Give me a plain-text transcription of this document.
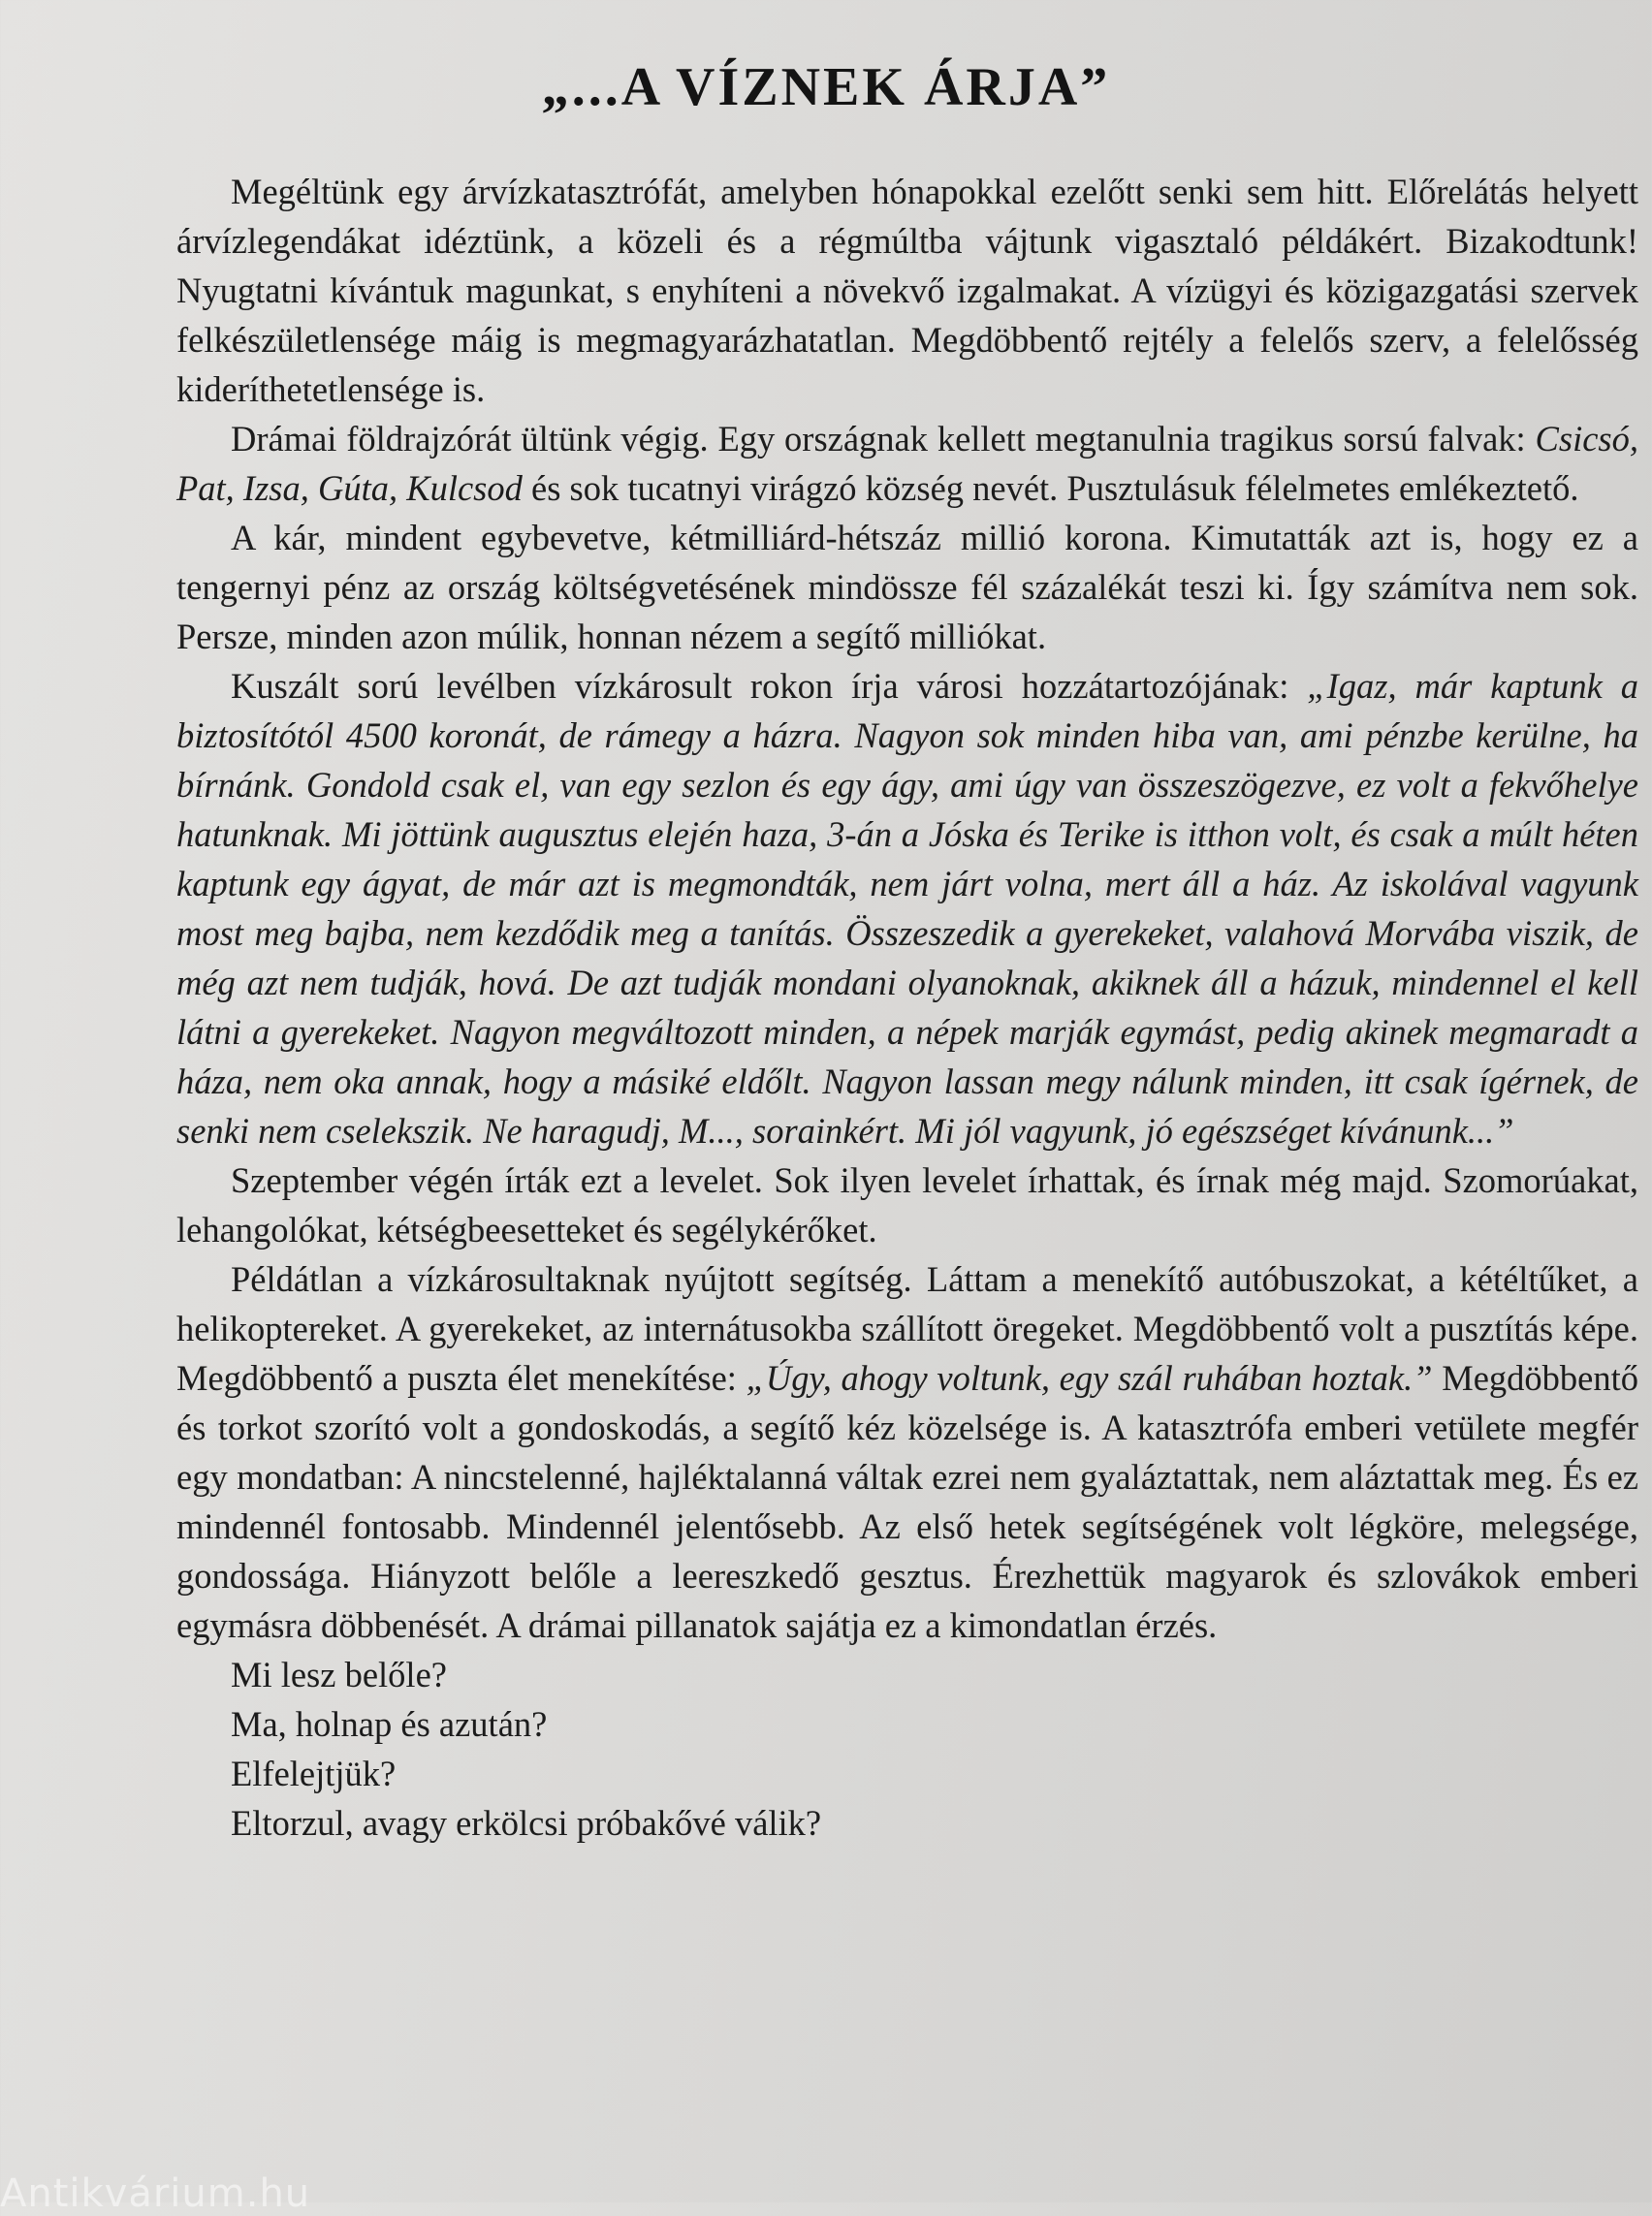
„...A VÍZNEK ÁRJA”

Megéltünk egy árvízkatasztrófát, amelyben hónapokkal ezelőtt senki sem hitt. Előrelátás helyett árvízlegendákat idéztünk, a közeli és a régmúltba vájtunk vigasztaló példákért. Bizakodtunk! Nyugtatni kívántuk magunkat, s enyhíteni a növekvő izgalmakat. A vízügyi és közigazgatási szervek felkészületlensége máig is megmagyarázhatatlan. Megdöbbentő rejtély a felelős szerv, a felelősség kideríthetetlensége is.

Drámai földrajzórát ültünk végig. Egy országnak kellett megtanulnia tragikus sorsú falvak: Csicsó, Pat, Izsa, Gúta, Kulcsod és sok tucatnyi virágzó község nevét. Pusztulásuk félelmetes emlékeztető.

A kár, mindent egybevetve, kétmilliárd-hétszáz millió korona. Kimutatták azt is, hogy ez a tengernyi pénz az ország költségvetésének mindössze fél százalékát teszi ki. Így számítva nem sok. Persze, minden azon múlik, honnan nézem a segítő milliókat.

Kuszált sorú levélben vízkárosult rokon írja városi hozzátartozójának: „Igaz, már kaptunk a biztosítótól 4500 koronát, de rámegy a házra. Nagyon sok minden hiba van, ami pénzbe kerülne, ha bírnánk. Gondold csak el, van egy sezlon és egy ágy, ami úgy van összeszögezve, ez volt a fekvőhelye hatunknak. Mi jöttünk augusztus elején haza, 3-án a Jóska és Terike is itthon volt, és csak a múlt héten kaptunk egy ágyat, de már azt is megmondták, nem járt volna, mert áll a ház. Az iskolával vagyunk most meg bajba, nem kezdődik meg a tanítás. Összeszedik a gyerekeket, valahová Morvába viszik, de még azt nem tudják, hová. De azt tudják mondani olyanoknak, akiknek áll a házuk, mindennel el kell látni a gyerekeket. Nagyon megváltozott minden, a népek marják egymást, pedig akinek megmaradt a háza, nem oka annak, hogy a másiké eldőlt. Nagyon lassan megy nálunk minden, itt csak ígérnek, de senki nem cselekszik. Ne haragudj, M..., sorainkért. Mi jól vagyunk, jó egészséget kívánunk...”

Szeptember végén írták ezt a levelet. Sok ilyen levelet írhattak, és írnak még majd. Szomorúakat, lehangolókat, kétségbeesetteket és segélykérőket.

Példátlan a vízkárosultaknak nyújtott segítség. Láttam a menekítő autóbuszokat, a kétéltűket, a helikoptereket. A gyerekeket, az internátusokba szállított öregeket. Megdöbbentő volt a pusztítás képe. Megdöbbentő a puszta élet menekítése: „Úgy, ahogy voltunk, egy szál ruhában hoztak.” Megdöbbentő és torkot szorító volt a gondoskodás, a segítő kéz közelsége is. A katasztrófa emberi vetülete megfér egy mondatban: A nincstelenné, hajléktalanná váltak ezrei nem gyaláztattak, nem aláztattak meg. És ez mindennél fontosabb. Mindennél jelentősebb. Az első hetek segítségének volt légköre, melegsége, gondossága. Hiányzott belőle a leereszkedő gesztus. Érezhettük magyarok és szlovákok emberi egymásra döbbenését. A drámai pillanatok sajátja ez a kimondatlan érzés.

Mi lesz belőle?

Ma, holnap és azután?

Elfelejtjük?

Eltorzul, avagy erkölcsi próbakővé válik?

Antikvárium.hu
